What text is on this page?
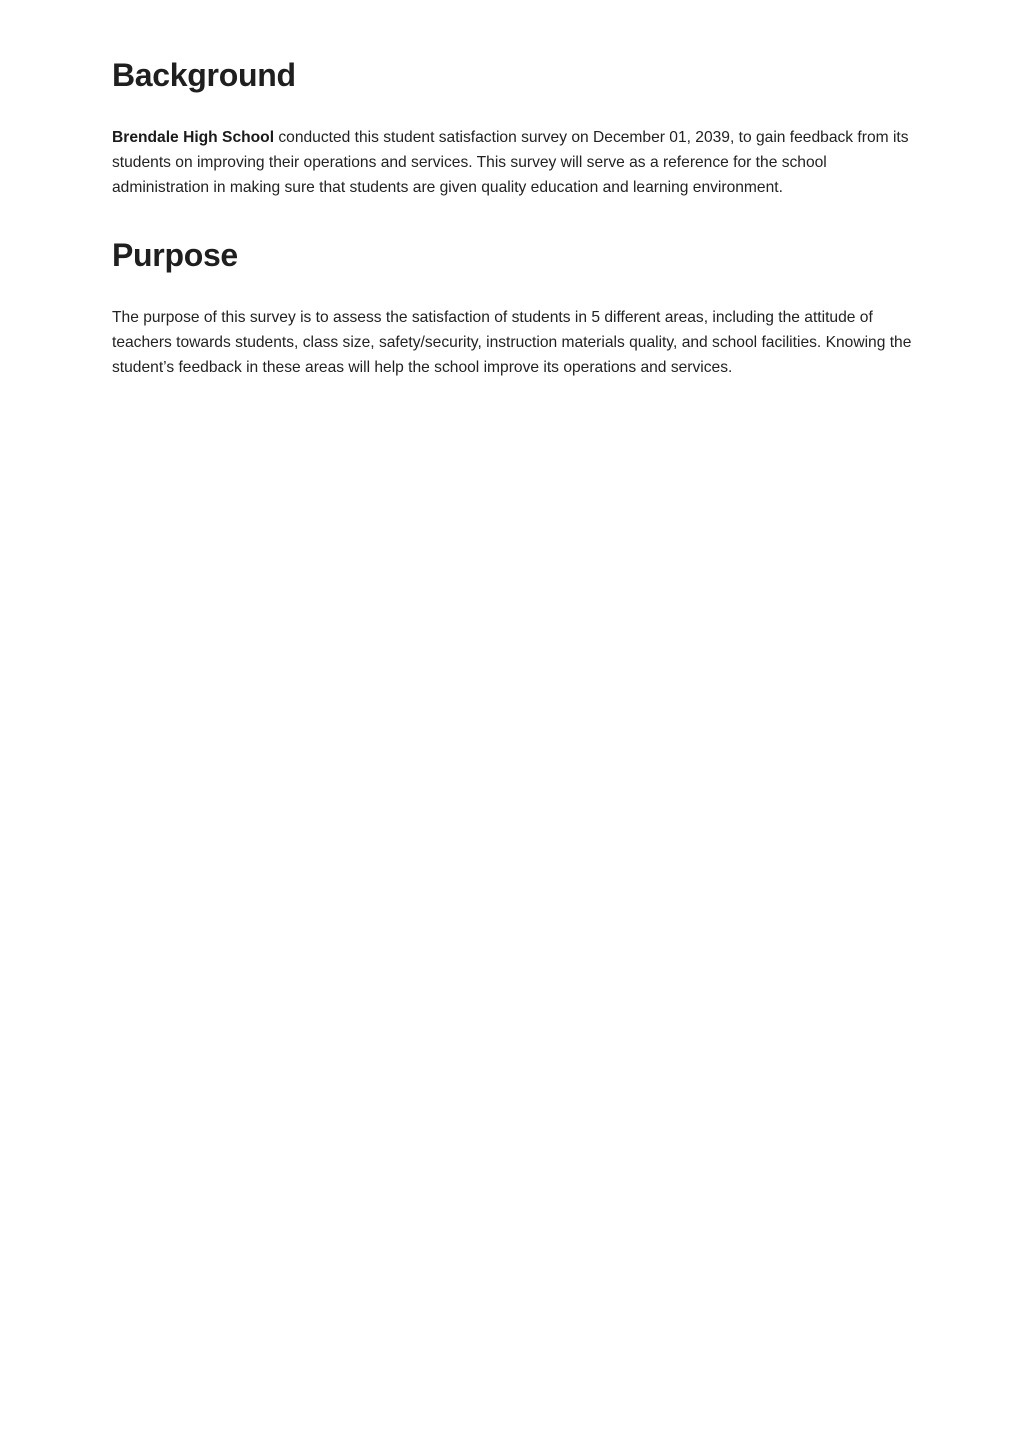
Background

Brendale High School conducted this student satisfaction survey on December 01, 2039, to gain feedback from its students on improving their operations and services. This survey will serve as a reference for the school administration in making sure that students are given quality education and learning environment.

Purpose

The purpose of this survey is to assess the satisfaction of students in 5 different areas, including the attitude of teachers towards students, class size, safety/security, instruction materials quality, and school facilities. Knowing the student’s feedback in these areas will help the school improve its operations and services.
